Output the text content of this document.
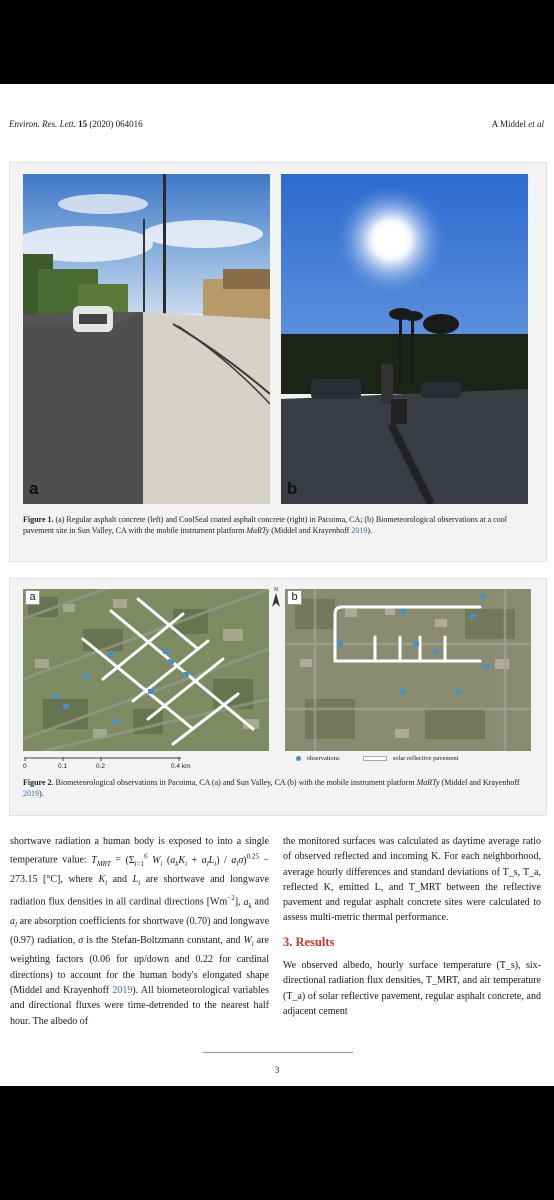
Environ. Res. Lett. 15 (2020) 064016	A Middel et al
a	b
Figure 1. (a) Regular asphalt concrete (left) and CoolSeal coated asphalt concrete (right) in Pacoima, CA; (b) Biometeorological observations at a cool pavement site in Sun Valley, CA with the mobile instrument platform MaRTy (Middel and Krayenhoff 2019).
a
N
b
0	0.1	0.2	0.4 km
observations	solar reflective pavement
Figure 2. Biometeorological observations in Pacoima, CA (a) and Sun Valley, CA (b) with the mobile instrument platform MaRTy (Middel and Krayenhoff 2019).

shortwave radiation a human body is exposed to into a single temperature value: $T_{MRT} = (\Sigma_{i=1}^6$ $W_i$ $(a_kK_i + a_lL_i) / a_l\sigma)^{0.25} - 273.15$ [°C], where $K_i$ and $L_i$ are shortwave and longwave radiation flux densities in all cardinal directions $[Wm^{-2}]$, $a_k$ and $a_l$ are absorption coefficients for shortwave (0.70) and longwave (0.97) radiation, σ is the Stefan-Boltzmann constant, and $W_i$ are weighting factors (0.06 for up/down and 0.22 for cardinal directions) to account for the human body's elongated shape (Middel and Krayenhoff 2019). All biometeorological variables and directional fluxes were time-detrended to the nearest half hour. The albedo of

the monitored surfaces was calculated as daytime average ratio of observed reflected and incoming K. For each neighborhood, average hourly differences and standard deviations of T_s, T_a, reflected K, emitted L, and T_MRT between the reflective pavement and regular asphalt concrete sites were calculated to assess multi-metric thermal performance.

3. Results

We observed albedo, hourly surface temperature (T_s), six-directional radiation flux densities, T_MRT, and air temperature (T_a) of solar reflective pavement, regular asphalt concrete, and adjacent cement

3
